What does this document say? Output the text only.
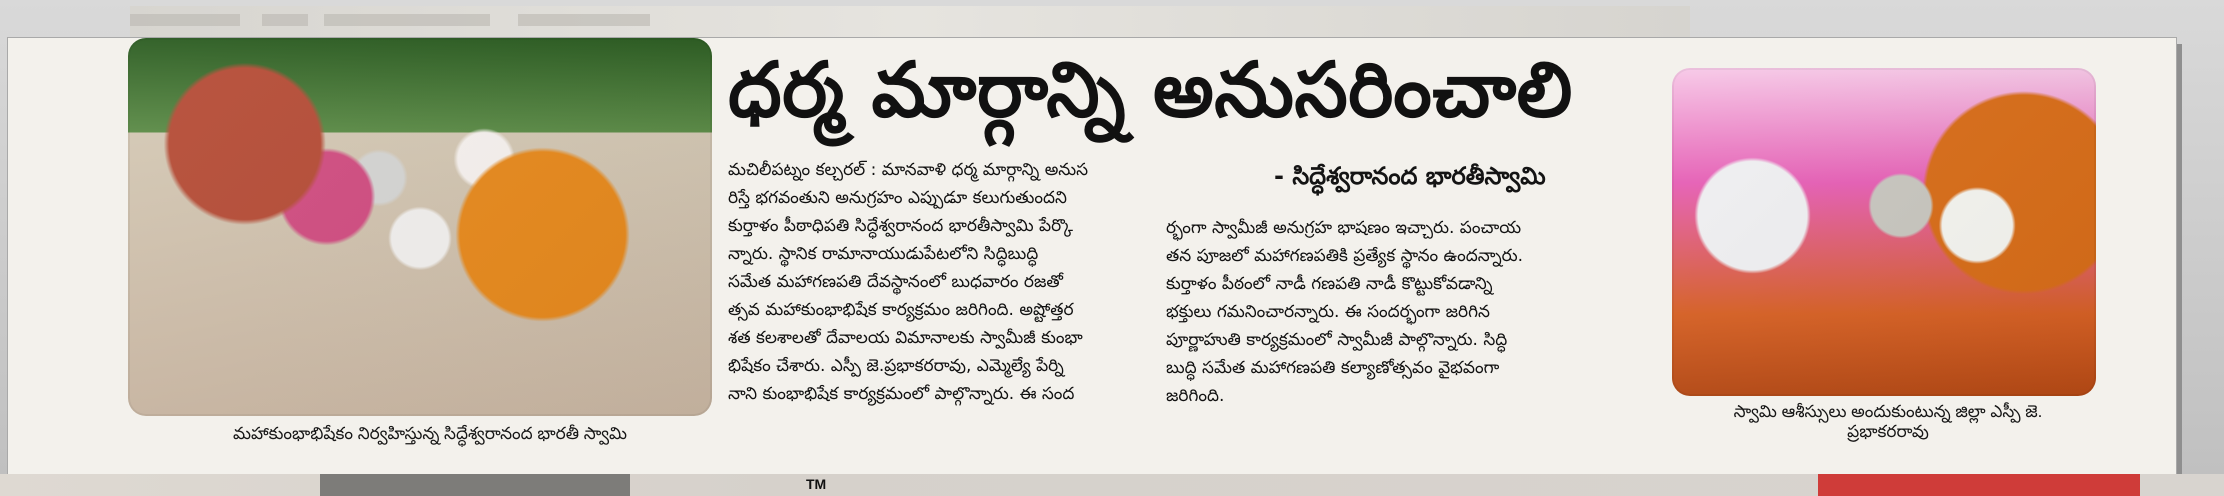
మహాకుంభాభిషేకం నిర్వహిస్తున్న సిద్ధేశ్వరానంద భారతీ స్వామి
ధర్మ మార్గాన్ని అనుసరించాలి
- సిద్ధేశ్వరానంద భారతీస్వామి
మచిలీపట్నం కల్చరల్ : మానవాళి ధర్మ మార్గాన్ని అనుస
రిస్తే భగవంతుని అనుగ్రహం ఎప్పుడూ కలుగుతుందని
కుర్తాళం పీఠాధిపతి సిద్ధేశ్వరానంద భారతీస్వామి పేర్కొ
న్నారు. స్థానిక రామానాయుడుపేటలోని సిద్ధిబుద్ధి
సమేత మహాగణపతి దేవస్థానంలో బుధవారం రజతో
త్సవ మహాకుంభాభిషేక కార్యక్రమం జరిగింది. అష్టోత్తర
శత కలశాలతో దేవాలయ విమానాలకు స్వామీజీ కుంభా
భిషేకం చేశారు. ఎస్పీ జె.ప్రభాకరరావు, ఎమ్మెల్యే పేర్ని
నాని కుంభాభిషేక కార్యక్రమంలో పాల్గొన్నారు. ఈ సంద
ర్భంగా స్వామీజీ అనుగ్రహ భాషణం ఇచ్చారు. పంచాయ
తన పూజలో మహాగణపతికి ప్రత్యేక స్థానం ఉందన్నారు.
కుర్తాళం పీఠంలో నాడీ గణపతి నాడీ కొట్టుకోవడాన్ని
భక్తులు గమనించారన్నారు. ఈ సందర్భంగా జరిగిన
పూర్ణాహుతి కార్యక్రమంలో స్వామీజీ పాల్గొన్నారు. సిద్ధి
బుద్ధి సమేత మహాగణపతి కల్యాణోత్సవం వైభవంగా
జరిగింది.
స్వామి ఆశీస్సులు అందుకుంటున్న జిల్లా ఎస్పీ జె. ప్రభాకరరావు
TM
